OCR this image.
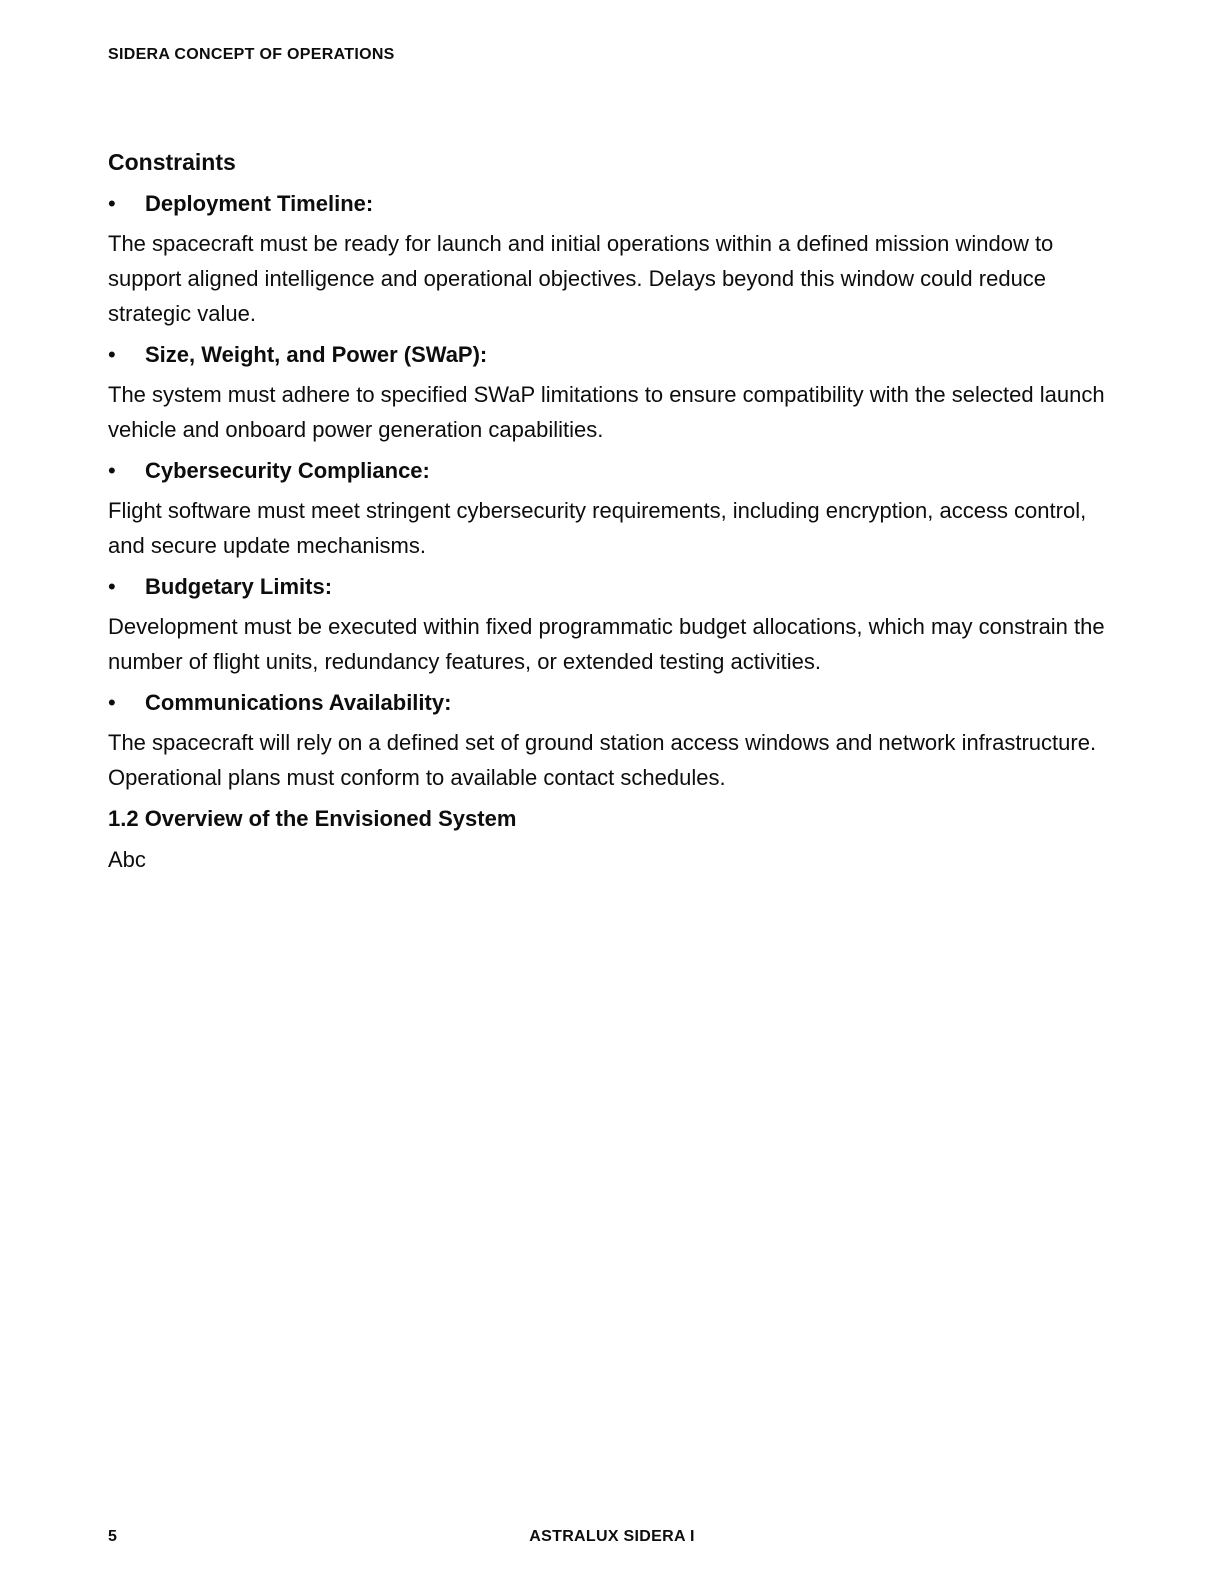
SIDERA CONCEPT OF OPERATIONS
Constraints
•	Deployment Timeline:

The spacecraft must be ready for launch and initial operations within a defined mission window to support aligned intelligence and operational objectives. Delays beyond this window could reduce strategic value.

•	Size, Weight, and Power (SWaP):

The system must adhere to specified SWaP limitations to ensure compatibility with the selected launch vehicle and onboard power generation capabilities.

•	Cybersecurity Compliance:

Flight software must meet stringent cybersecurity requirements, including encryption, access control, and secure update mechanisms.

•	Budgetary Limits:

Development must be executed within fixed programmatic budget allocations, which may constrain the number of flight units, redundancy features, or extended testing activities.

•	Communications Availability:

The spacecraft will rely on a defined set of ground station access windows and network infrastructure. Operational plans must conform to available contact schedules.

1.2 Overview of the Envisioned System

Abc

5	ASTRALUX SIDERA I
